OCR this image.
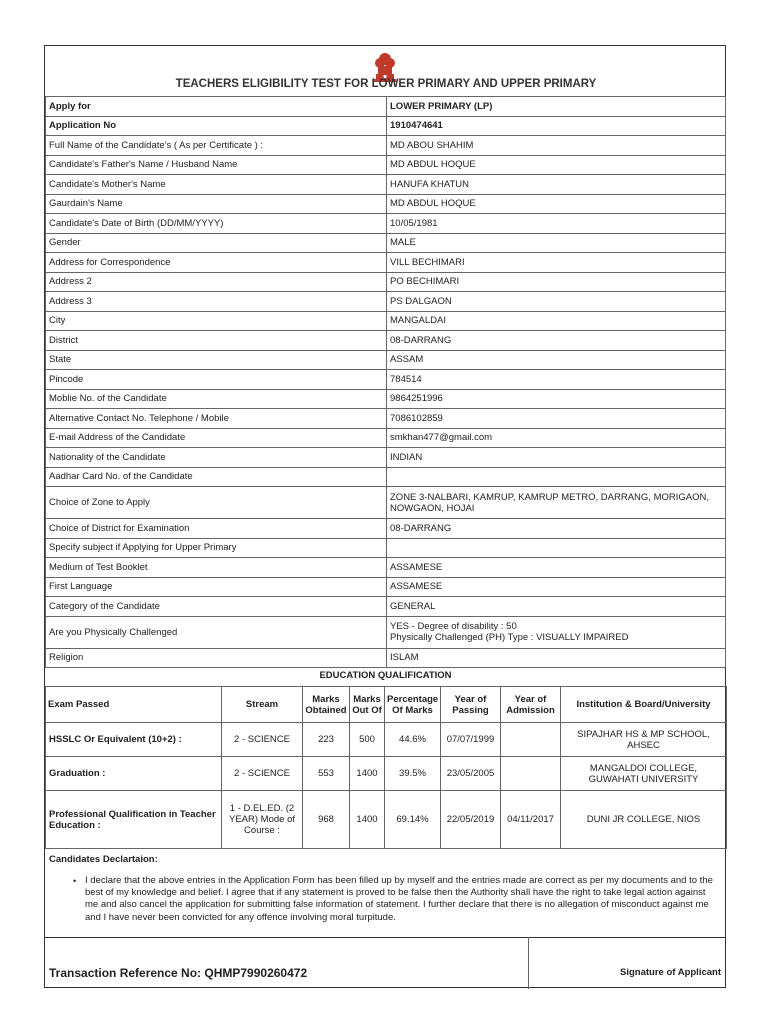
TEACHERS ELIGIBILITY TEST FOR LOWER PRIMARY AND UPPER PRIMARY
Apply for	LOWER PRIMARY (LP)
Application No	1910474641
Full Name of the Candidate's ( As per Certificate ) :	MD ABOU SHAHIM
Candidate's Father's Name / Husband Name	MD ABDUL HOQUE
Candidate's Mother's Name	HANUFA KHATUN
Gaurdain's Name	MD ABDUL HOQUE
Candidate's Date of Birth (DD/MM/YYYY)	10/05/1981
Gender	MALE
Address for Correspondence	VILL BECHIMARI
Address 2	PO BECHIMARI
Address 3	PS DALGAON
City	MANGALDAI
District	08-DARRANG
State	ASSAM
Pincode	784514
Moblie No. of the Candidate	9864251996
Alternative Contact No. Telephone / Mobile	7086102859
E-mail Address of the Candidate	smkhan477@gmail.com
Nationality of the Candidate	INDIAN
Aadhar Card No. of the Candidate	
Choice of Zone to Apply	ZONE 3-NALBARI, KAMRUP, KAMRUP METRO, DARRANG, MORIGAON, NOWGAON, HOJAI
Choice of District for Examination	08-DARRANG
Specify subject if Applying for Upper Primary	
Medium of Test Booklet	ASSAMESE
First Language	ASSAMESE
Category of the Candidate	GENERAL
Are you Physically Challenged	YES - Degree of disability : 50
Physically Challenged (PH) Type : VISUALLY IMPAIRED
Religion	ISLAM
EDUCATION QUALIFICATION
Exam Passed	Stream	Marks Obtained	Marks Out Of	Percentage Of Marks	Year of Passing	Year of Admission	Institution & Board/University
HSSLC Or Equivalent (10+2) :	2 - SCIENCE	223	500	44.6%	07/07/1999		SIPAJHAR HS & MP SCHOOL, AHSEC
Graduation :	2 - SCIENCE	553	1400	39.5%	23/05/2005		MANGALDOI COLLEGE, GUWAHATI UNIVERSITY
Professional Qualification in Teacher Education :	1 - D.EL.ED. (2 YEAR) Mode of Course :	968	1400	69.14%	22/05/2019	04/11/2017	DUNI JR COLLEGE, NIOS
Candidates Declartaion:
• I declare that the above entries in the Application Form has been filled up by myself and the entries made are correct as per my documents and to the best of my knowledge and belief. I agree that if any statement is proved to be false then the Authority shall have the right to take legal action against me and also cancel the application for submitting false information of statement. I further declare that there is no allegation of misconduct against me and I have never been convicted for any offence involving moral turpitude.
Transaction Reference No: QHMP7990260472	Signature of Applicant
